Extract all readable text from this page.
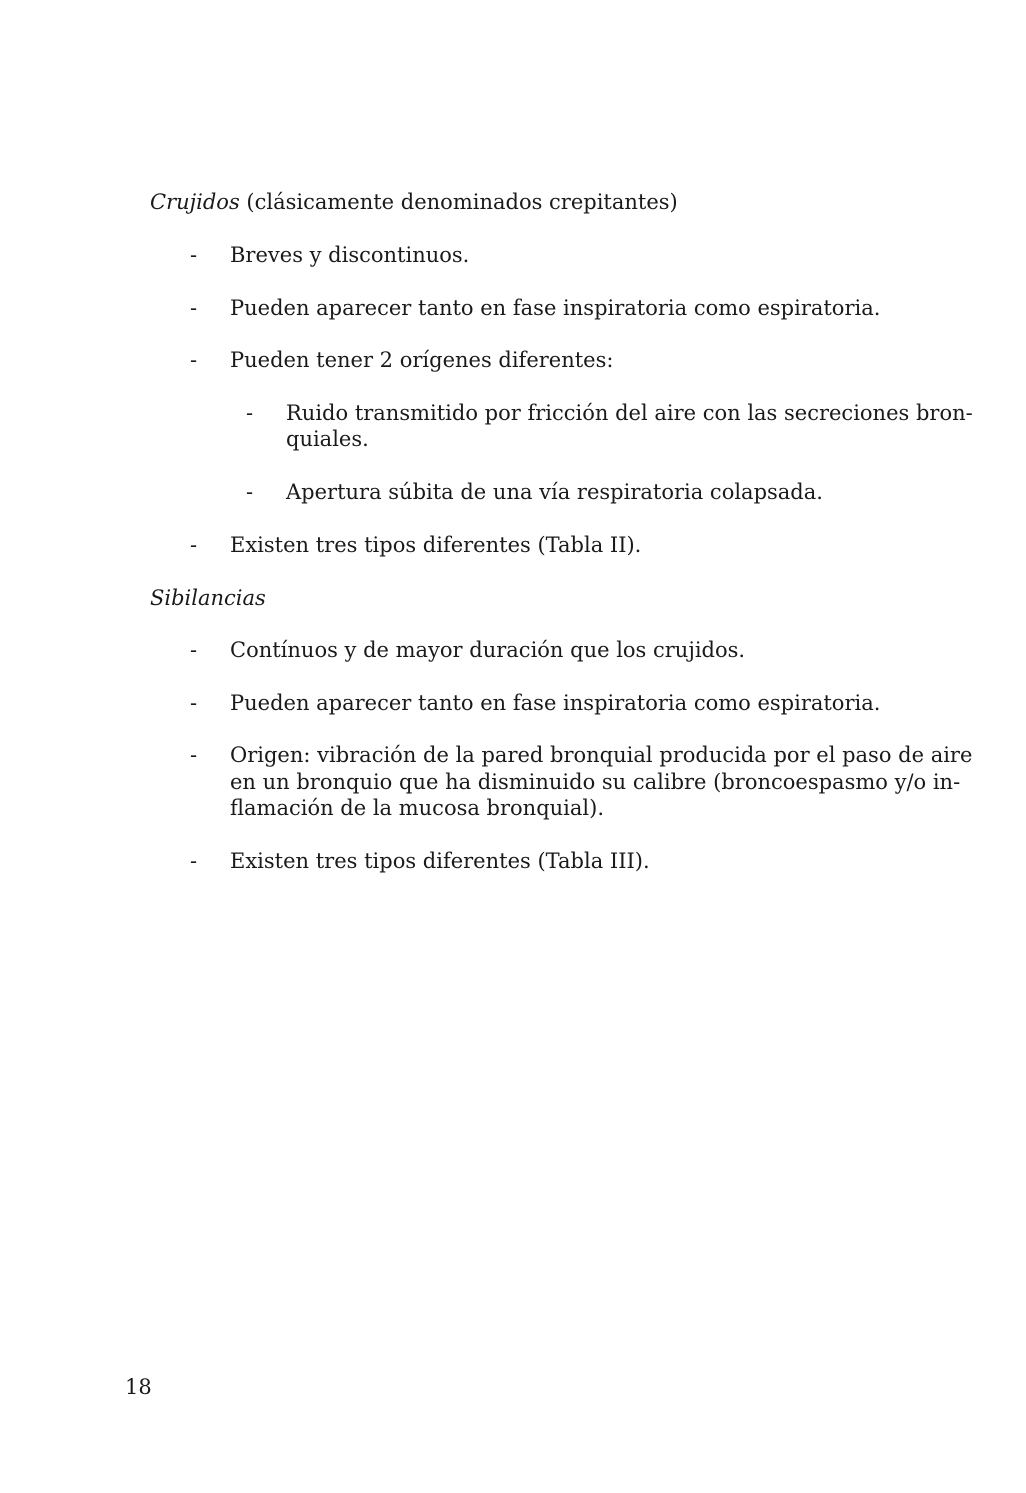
Crujidos (clásicamente denominados crepitantes)
- Breves y discontinuos.
- Pueden aparecer tanto en fase inspiratoria como espiratoria.
- Pueden tener 2 orígenes diferentes:
- Ruido transmitido por fricción del aire con las secreciones bron-
quiales.
- Apertura súbita de una vía respiratoria colapsada.
- Existen tres tipos diferentes (Tabla II).
Sibilancias
- Contínuos y de mayor duración que los crujidos.
- Pueden aparecer tanto en fase inspiratoria como espiratoria.
- Origen: vibración de la pared bronquial producida por el paso de aire
en un bronquio que ha disminuido su calibre (broncoespasmo y/o in-
flamación de la mucosa bronquial).
- Existen tres tipos diferentes (Tabla III).
18
